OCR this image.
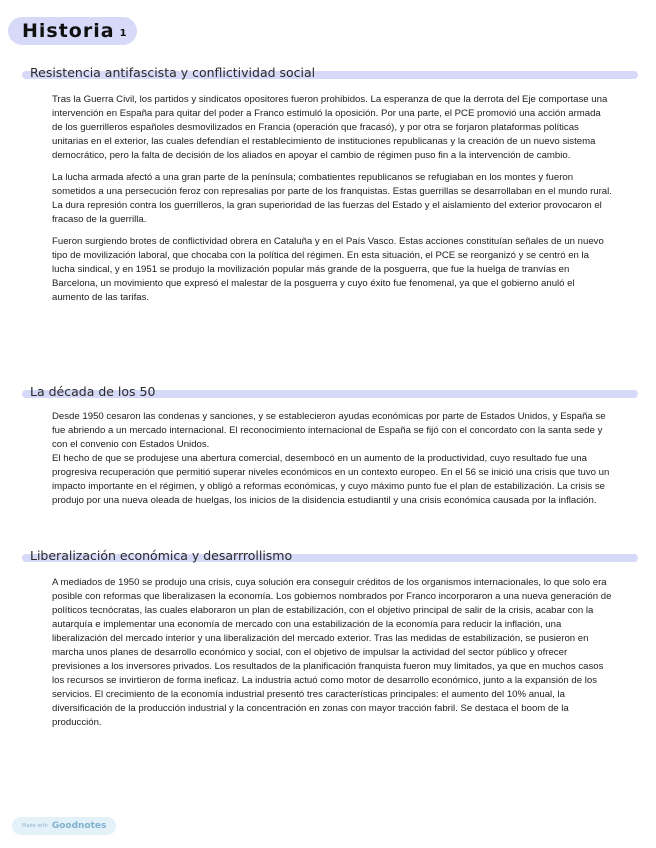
Historia 1
Resistencia antifascista y conflictividad social

Tras la Guerra Civil, los partidos y sindicatos opositores fueron prohibidos. La esperanza de que la derrota del Eje comportase una intervención en España para quitar del poder a Franco estimuló la oposición. Por una parte, el PCE promovió una acción armada de los guerrilleros españoles desmovilizados en Francia (operación que fracasó), y por otra se forjaron plataformas políticas unitarias en el exterior, las cuales defendían el restablecimiento de instituciones republicanas y la creación de un nuevo sistema democrático, pero la falta de decisión de los aliados en apoyar el cambio de régimen puso fin a la intervención de cambio.

La lucha armada afectó a una gran parte de la península; combatientes republicanos se refugiaban en los montes y fueron sometidos a una persecución feroz con represalias por parte de los franquistas. Estas guerrillas se desarrollaban en el mundo rural. La dura represión contra los guerrilleros, la gran superioridad de las fuerzas del Estado y el aislamiento del exterior provocaron el fracaso de la guerrilla.

Fueron surgiendo brotes de conflictividad obrera en Cataluña y en el País Vasco. Estas acciones constituían señales de un nuevo tipo de movilización laboral, que chocaba con la política del régimen. En esta situación, el PCE se reorganizó y se centró en la lucha sindical, y en 1951 se produjo la movilización popular más grande de la posguerra, que fue la huelga de tranvías en Barcelona, un movimiento que expresó el malestar de la posguerra y cuyo éxito fue fenomenal, ya que el gobierno anuló el aumento de las tarifas.

La década de los 50

Desde 1950 cesaron las condenas y sanciones, y se establecieron ayudas económicas por parte de Estados Unidos, y España se fue abriendo a un mercado internacional. El reconocimiento internacional de España se fijó con el concordato con la santa sede y con el convenio con Estados Unidos.

El hecho de que se produjese una abertura comercial, desembocó en un aumento de la productividad, cuyo resultado fue una progresiva recuperación que permitió superar niveles económicos en un contexto europeo. En el 56 se inició una crisis que tuvo un impacto importante en el régimen, y obligó a reformas económicas, y cuyo máximo punto fue el plan de estabilización. La crisis se produjo por una nueva oleada de huelgas, los inicios de la disidencia estudiantil y una crisis económica causada por la inflación.

Liberalización económica y desarrrollismo

A mediados de 1950 se produjo una crisis, cuya solución era conseguir créditos de los organismos internacionales, lo que solo era posible con reformas que liberalizasen la economía. Los gobiernos nombrados por Franco incorporaron a una nueva generación de políticos tecnócratas, las cuales elaboraron un plan de estabilización, con el objetivo principal de salir de la crisis, acabar con la autarquía e implementar una economía de mercado con una estabilización de la economía para reducir la inflación, una liberalización del mercado interior y una liberalización del mercado exterior. Tras las medidas de estabilización, se pusieron en marcha unos planes de desarrollo económico y social, con el objetivo de impulsar la actividad del sector público y ofrecer previsiones a los inversores privados. Los resultados de la planificación franquista fueron muy limitados, ya que en muchos casos los recursos se invirtieron de forma ineficaz. La industria actuó como motor de desarrollo económico, junto a la expansión de los servicios. El crecimiento de la economía industrial presentó tres características principales: el aumento del 10% anual, la diversificación de la producción industrial y la concentración en zonas con mayor tracción fabril. Se destaca el boom de la producción.

Made with Goodnotes
